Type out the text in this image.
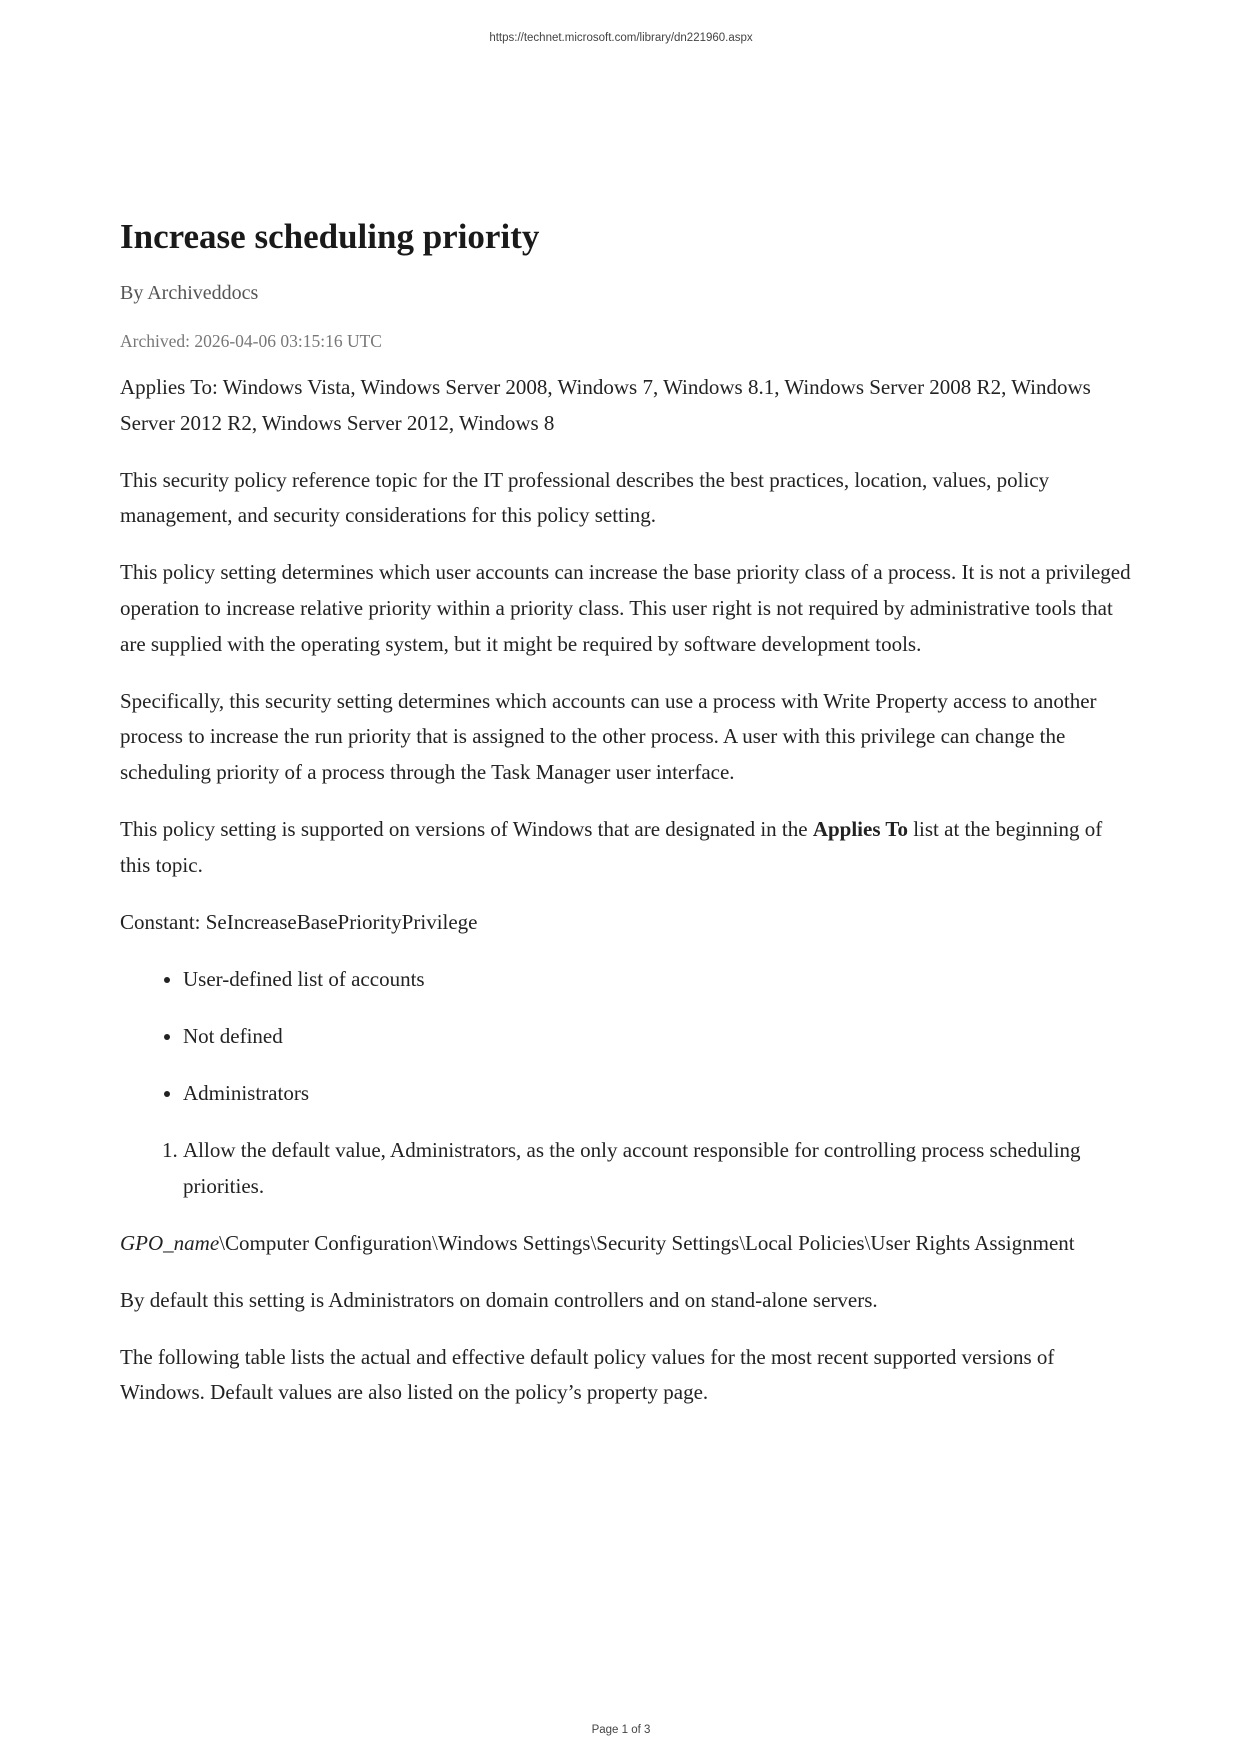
https://technet.microsoft.com/library/dn221960.aspx
Increase scheduling priority
By Archiveddocs
Archived: 2026-04-06 03:15:16 UTC

Applies To: Windows Vista, Windows Server 2008, Windows 7, Windows 8.1, Windows Server 2008 R2, Windows Server 2012 R2, Windows Server 2012, Windows 8

This security policy reference topic for the IT professional describes the best practices, location, values, policy management, and security considerations for this policy setting.

This policy setting determines which user accounts can increase the base priority class of a process. It is not a privileged operation to increase relative priority within a priority class. This user right is not required by administrative tools that are supplied with the operating system, but it might be required by software development tools.

Specifically, this security setting determines which accounts can use a process with Write Property access to another process to increase the run priority that is assigned to the other process. A user with this privilege can change the scheduling priority of a process through the Task Manager user interface.

This policy setting is supported on versions of Windows that are designated in the Applies To list at the beginning of this topic.

Constant: SeIncreaseBasePriorityPrivilege

• User-defined list of accounts
• Not defined
• Administrators
1. Allow the default value, Administrators, as the only account responsible for controlling process scheduling priorities.

GPO_name\Computer Configuration\Windows Settings\Security Settings\Local Policies\User Rights Assignment

By default this setting is Administrators on domain controllers and on stand-alone servers.

The following table lists the actual and effective default policy values for the most recent supported versions of Windows. Default values are also listed on the policy’s property page.

Page 1 of 3
